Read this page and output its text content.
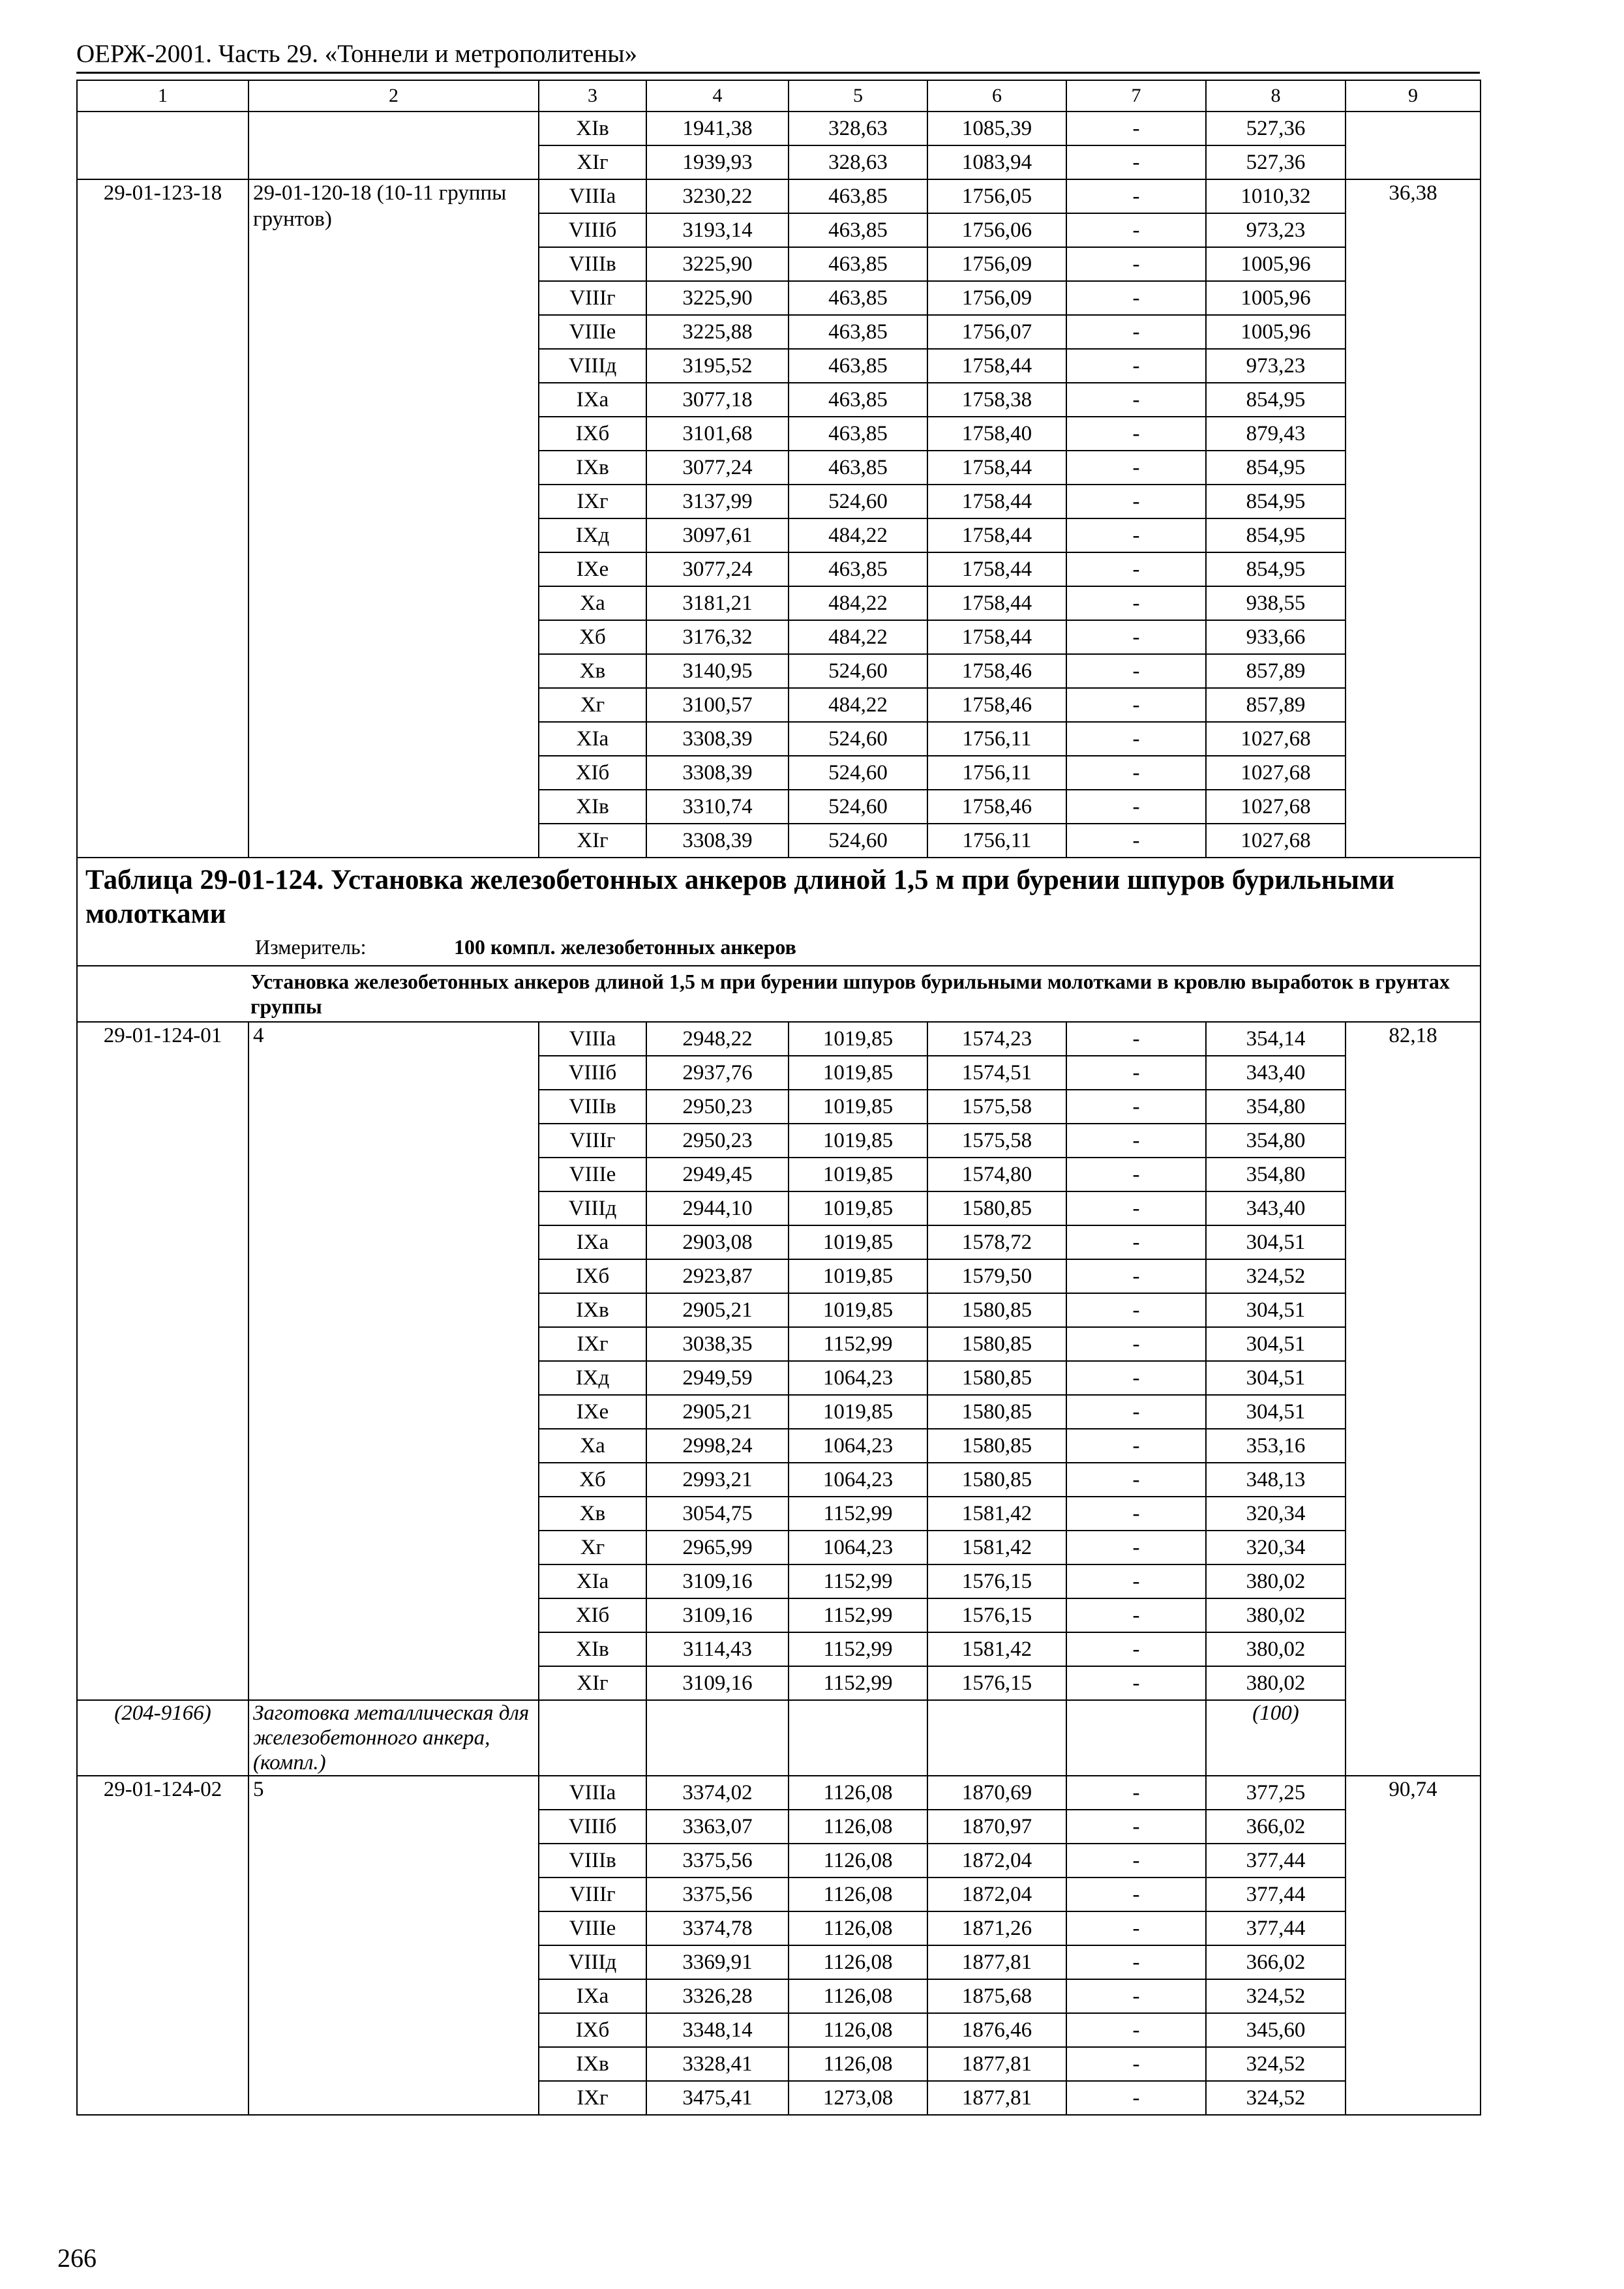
ОЕРЖ-2001. Часть 29. «Тоннели и метрополитены»
1	2	3	4	5	6	7	8	9
		XIв	1941,38	328,63	1085,39	-	527,36	
		XIг	1939,93	328,63	1083,94	-	527,36	
29-01-123-18	29-01-120-18 (10-11 группы грунтов)	VIIIа	3230,22	463,85	1756,05	-	1010,32	36,38
		VIIIб	3193,14	463,85	1756,06	-	973,23	
		VIIIв	3225,90	463,85	1756,09	-	1005,96	
		VIIIг	3225,90	463,85	1756,09	-	1005,96	
		VIIIе	3225,88	463,85	1756,07	-	1005,96	
		VIIIд	3195,52	463,85	1758,44	-	973,23	
		IXа	3077,18	463,85	1758,38	-	854,95	
		IXб	3101,68	463,85	1758,40	-	879,43	
		IXв	3077,24	463,85	1758,44	-	854,95	
		IXг	3137,99	524,60	1758,44	-	854,95	
		IXд	3097,61	484,22	1758,44	-	854,95	
		IXе	3077,24	463,85	1758,44	-	854,95	
		Xа	3181,21	484,22	1758,44	-	938,55	
		Xб	3176,32	484,22	1758,44	-	933,66	
		Xв	3140,95	524,60	1758,46	-	857,89	
		Xг	3100,57	484,22	1758,46	-	857,89	
		XIа	3308,39	524,60	1756,11	-	1027,68	
		XIб	3308,39	524,60	1756,11	-	1027,68	
		XIв	3310,74	524,60	1758,46	-	1027,68	
		XIг	3308,39	524,60	1756,11	-	1027,68	

Таблица 29-01-124. Установка железобетонных анкеров длиной 1,5 м при бурении шпуров бурильными молотками
Измеритель: 100 компл. железобетонных анкеров								

Установка железобетонных анкеров длиной 1,5 м при бурении шпуров бурильными молотками в кровлю выработок в грунтах группы								
29-01-124-01	4	VIIIа	2948,22	1019,85	1574,23	-	354,14	82,18
		VIIIб	2937,76	1019,85	1574,51	-	343,40	
		VIIIв	2950,23	1019,85	1575,58	-	354,80	
		VIIIг	2950,23	1019,85	1575,58	-	354,80	
		VIIIе	2949,45	1019,85	1574,80	-	354,80	
		VIIIд	2944,10	1019,85	1580,85	-	343,40	
		IXа	2903,08	1019,85	1578,72	-	304,51	
		IXб	2923,87	1019,85	1579,50	-	324,52	
		IXв	2905,21	1019,85	1580,85	-	304,51	
		IXг	3038,35	1152,99	1580,85	-	304,51	
		IXд	2949,59	1064,23	1580,85	-	304,51	
		IXе	2905,21	1019,85	1580,85	-	304,51	
		Xа	2998,24	1064,23	1580,85	-	353,16	
		Xб	2993,21	1064,23	1580,85	-	348,13	
		Xв	3054,75	1152,99	1581,42	-	320,34	
		Xг	2965,99	1064,23	1581,42	-	320,34	
		XIа	3109,16	1152,99	1576,15	-	380,02	
		XIб	3109,16	1152,99	1576,15	-	380,02	
		XIв	3114,43	1152,99	1581,42	-	380,02	
		XIг	3109,16	1152,99	1576,15	-	380,02	
(204-9166)	Заготовка металлическая для железобетонного анкера, (компл.)						(100)	
29-01-124-02	5	VIIIа	3374,02	1126,08	1870,69	-	377,25	90,74
		VIIIб	3363,07	1126,08	1870,97	-	366,02	
		VIIIв	3375,56	1126,08	1872,04	-	377,44	
		VIIIг	3375,56	1126,08	1872,04	-	377,44	
		VIIIе	3374,78	1126,08	1871,26	-	377,44	
		VIIIд	3369,91	1126,08	1877,81	-	366,02	
		IXа	3326,28	1126,08	1875,68	-	324,52	
		IXб	3348,14	1126,08	1876,46	-	345,60	
		IXв	3328,41	1126,08	1877,81	-	324,52	
		IXг	3475,41	1273,08	1877,81	-	324,52	
266
